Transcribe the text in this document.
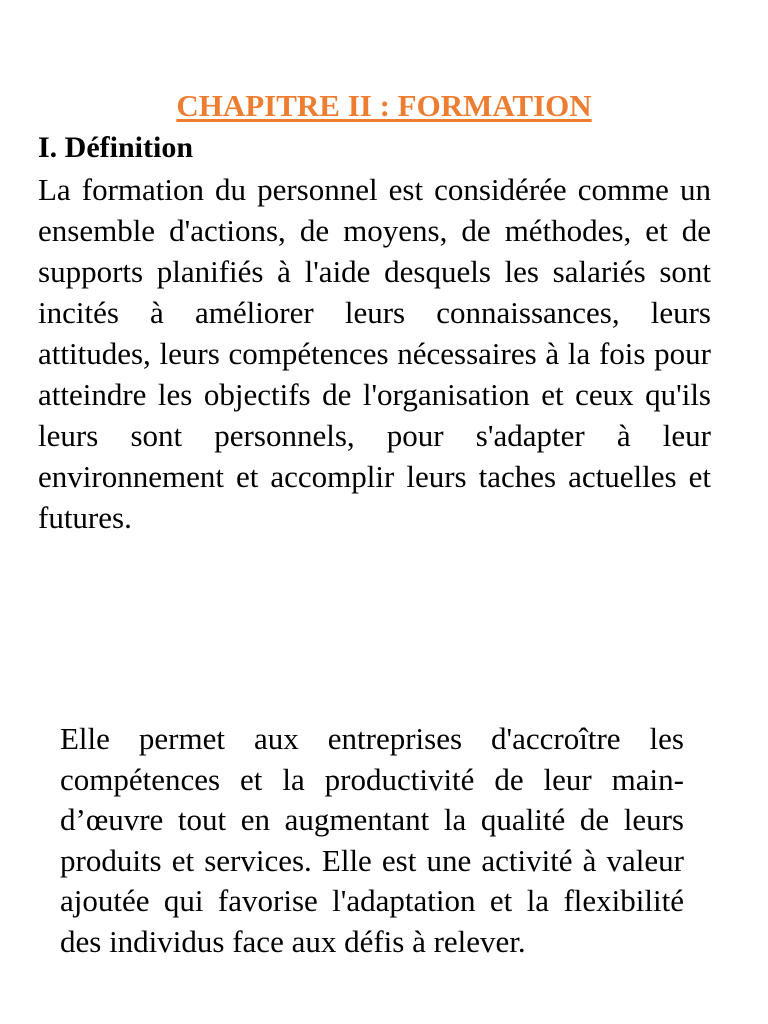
CHAPITRE II : FORMATION
I. Définition
La formation du personnel est considérée comme un ensemble d'actions, de moyens, de méthodes, et de supports planifiés à l'aide desquels les salariés sont incités à améliorer leurs connaissances, leurs attitudes, leurs compétences nécessaires à la fois pour atteindre les objectifs de l'organisation et ceux qu'ils leurs sont personnels, pour s'adapter à leur environnement et accomplir leurs taches actuelles et futures.
Elle permet aux entreprises d'accroître les compétences et la productivité de leur main-d’œuvre tout en augmentant la qualité de leurs produits et services. Elle est une activité à valeur ajoutée qui favorise l'adaptation et la flexibilité des individus face aux défis à relever.
